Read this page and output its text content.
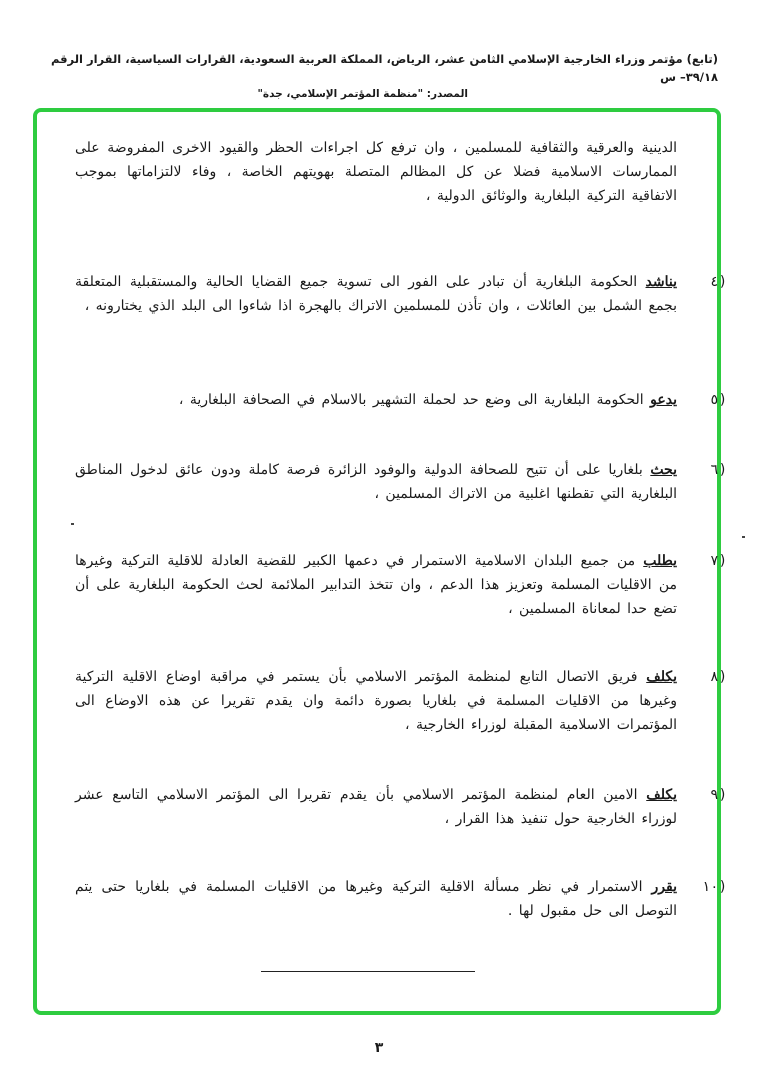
(تابع) مؤتمر وزراء الخارجية الإسلامي الثامن عشر، الرياض، المملكة العربية السعودية، القرارات السياسية، القرار الرقم ٣٩/١٨– س
المصدر: "منظمة المؤتمر الإسلامي، جدة"
الدينية والعرقية والثقافية للمسلمين ، وان ترفع كل اجراءات الحظر والقيود الاخرى المفروضة على الممارسات الاسلامية فضلا عن كل المظالم المتصلة بهويتهم الخاصة ، وفاء لالتزاماتها بموجب الاتفاقية التركية البلغارية والوثائق الدولية ،
٤)
يناشد الحكومة البلغارية أن تبادر على الفور الى تسوية جميع القضايا الحالية والمستقبلية المتعلقة بجمع الشمل بين العائلات ، وان تأذن للمسلمين الاتراك بالهجرة اذا شاءوا الى البلد الذي يختارونه ،
٥)
يدعو الحكومة البلغارية الى وضع حد لحملة التشهير بالاسلام في الصحافة البلغارية ،
٦)
يحث بلغاريا على أن تتيح للصحافة الدولية والوفود الزائرة فرصة كاملة ودون عائق لدخول المناطق البلغارية التي تقطنها اغلبية من الاتراك المسلمين ،
٧)
يطلب من جميع البلدان الاسلامية الاستمرار في دعمها الكبير للقضية العادلة للاقلية التركية وغيرها من الاقليات المسلمة وتعزيز هذا الدعم ، وان تتخذ التدابير الملائمة لحث الحكومة البلغارية على أن تضع حدا لمعاناة المسلمين ،
٨)
يكلف فريق الاتصال التابع لمنظمة المؤتمر الاسلامي بأن يستمر في مراقبة اوضاع الاقلية التركية وغيرها من الاقليات المسلمة في بلغاريا بصورة دائمة وان يقدم تقريرا عن هذه الاوضاع الى المؤتمرات الاسلامية المقبلة لوزراء الخارجية ،
٩)
يكلف الامين العام لمنظمة المؤتمر الاسلامي بأن يقدم تقريرا الى المؤتمر الاسلامي التاسع عشر لوزراء الخارجية حول تنفيذ هذا القرار ،
١٠)
يقرر الاستمرار في نظر مسألة الاقلية التركية وغيرها من الاقليات المسلمة في بلغاريا حتى يتم التوصل الى حل مقبول لها .
٣
